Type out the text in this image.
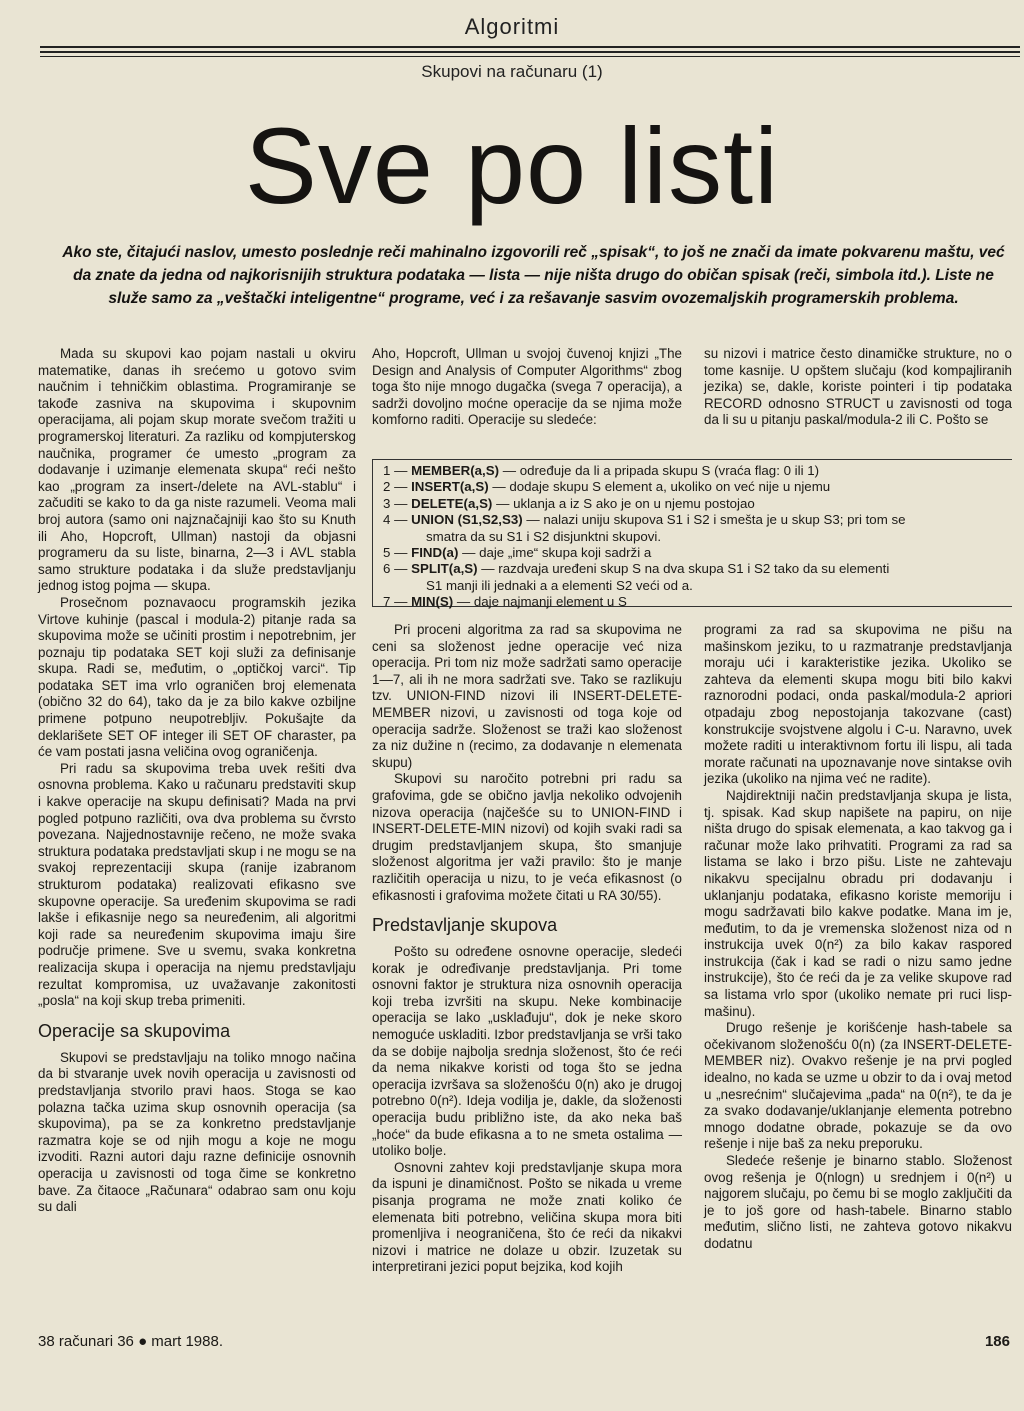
Algoritmi
Skupovi na računaru (1)
Sve po listi
Ako ste, čitajući naslov, umesto poslednje reči mahinalno izgovorili reč „spisak“, to još ne znači da imate pokvarenu maštu, već da znate da jedna od najkorisnijih struktura podataka — lista — nije ništa drugo do običan spisak (reči, simbola itd.). Liste ne služe samo za „veštački inteligentne“ programe, već i za rešavanje sasvim ovozemaljskih programerskih problema.

Mada su skupovi kao pojam nastali u okviru matematike, danas ih srećemo u gotovo svim naučnim i tehničkim oblastima. Programiranje se takođe zasniva na skupovima i skupovnim operacijama, ali pojam skup morate svečom tražiti u programerskoj literaturi. Za razliku od kompjuterskog naučnika, programer će umesto „program za dodavanje i uzimanje elemenata skupa“ reći nešto kao „program za insert-/delete na AVL-stablu“ i začuditi se kako to da ga niste razumeli. Veoma mali broj autora (samo oni najznačajniji kao što su Knuth ili Aho, Hopcroft, Ullman) nastoji da objasni programeru da su liste, binarna, 2—3 i AVL stabla samo strukture podataka i da služe predstavljanju jednog istog pojma — skupa.

Prosečnom poznavaocu programskih jezika Virtove kuhinje (pascal i modula-2) pitanje rada sa skupovima može se učiniti prostim i nepotrebnim, jer poznaju tip podataka SET koji služi za definisanje skupa. Radi se, međutim, o „optičkoj varci“. Tip podataka SET ima vrlo ograničen broj elemenata (obično 32 do 64), tako da je za bilo kakve ozbiljne primene potpuno neupotrebljiv. Pokušajte da deklarišete SET OF integer ili SET OF charaster, pa će vam postati jasna veličina ovog ograničenja.

Pri radu sa skupovima treba uvek rešiti dva osnovna problema. Kako u računaru predstaviti skup i kakve operacije na skupu definisati? Mada na prvi pogled potpuno različiti, ova dva problema su čvrsto povezana. Najjednostavnije rečeno, ne može svaka struktura podataka predstavljati skup i ne mogu se na svakoj reprezentaciji skupa (ranije izabranom strukturom podataka) realizovati efikasno sve skupovne operacije. Sa uređenim skupovima se radi lakše i efikasnije nego sa neuređenim, ali algoritmi koji rade sa neuređenim skupovima imaju šire područje primene. Sve u svemu, svaka konkretna realizacija skupa i operacija na njemu predstavljaju rezultat kompromisa, uz uvažavanje zakonitosti „posla“ na koji skup treba primeniti.

Operacije sa skupovima

Skupovi se predstavljaju na toliko mnogo načina da bi stvaranje uvek novih operacija u zavisnosti od predstavljanja stvorilo pravi haos. Stoga se kao polazna tačka uzima skup osnovnih operacija (sa skupovima), pa se za konkretno predstavljanje razmatra koje se od njih mogu a koje ne mogu izvoditi. Razni autori daju razne definicije osnovnih operacija u zavisnosti od toga čime se konkretno bave. Za čitaoce „Računara“ odabrao sam onu koju su dali

Aho, Hopcroft, Ullman u svojoj čuvenoj knjizi „The Design and Analysis of Computer Algorithms“ zbog toga što nije mnogo dugačka (svega 7 operacija), a sadrži dovoljno moćne operacije da se njima može komforno raditi. Operacije su sledeće:

su nizovi i matrice često dinamičke strukture, no o tome kasnije. U opštem slučaju (kod kompajliranih jezika) se, dakle, koriste pointeri i tip podataka RECORD odnosno STRUCT u zavisnosti od toga da li su u pitanju paskal/modula-2 ili C. Pošto se

1 — MEMBER(a,S) — određuje da li a pripada skupu S (vraća flag: 0 ili 1)
2 — INSERT(a,S) — dodaje skupu S element a, ukoliko on već nije u njemu
3 — DELETE(a,S) — uklanja a iz S ako je on u njemu postojao
4 — UNION (S1,S2,S3) — nalazi uniju skupova S1 i S2 i smešta je u skup S3; pri tom se
smatra da su S1 i S2 disjunktni skupovi.
5 — FIND(a) — daje „ime“ skupa koji sadrži a
6 — SPLIT(a,S) — razdvaja uređeni skup S na dva skupa S1 i S2 tako da su elementi
S1 manji ili jednaki a a elementi S2 veći od a.
7 — MIN(S) — daje najmanji element u S

Pri proceni algoritma za rad sa skupovima ne ceni sa složenost jedne operacije već niza operacija. Pri tom niz može sadržati samo operacije 1—7, ali ih ne mora sadržati sve. Tako se razlikuju tzv. UNION-FIND nizovi ili INSERT-DELETE-MEMBER nizovi, u zavisnosti od toga koje od operacija sadrže. Složenost se traži kao složenost za niz dužine n (recimo, za dodavanje n elemenata skupu)

Skupovi su naročito potrebni pri radu sa grafovima, gde se obično javlja nekoliko odvojenih nizova operacija (najčešće su to UNION-FIND i INSERT-DELETE-MIN nizovi) od kojih svaki radi sa drugim predstavljanjem skupa, što smanjuje složenost algoritma jer važi pravilo: što je manje različitih operacija u nizu, to je veća efikasnost (o efikasnosti i grafovima možete čitati u RA 30/55).

Predstavljanje skupova

Pošto su određene osnovne operacije, sledeći korak je određivanje predstavljanja. Pri tome osnovni faktor je struktura niza osnovnih operacija koji treba izvršiti na skupu. Neke kombinacije operacija se lako „usklađuju“, dok je neke skoro nemoguće uskladiti. Izbor predstavljanja se vrši tako da se dobije najbolja srednja složenost, što će reći da nema nikakve koristi od toga što se jedna operacija izvršava sa složenošću 0(n) ako je drugoj potrebno 0(n²). Ideja vodilja je, dakle, da složenosti operacija budu približno iste, da ako neka baš „hoće“ da bude efikasna a to ne smeta ostalima — utoliko bolje.

Osnovni zahtev koji predstavljanje skupa mora da ispuni je dinamičnost. Pošto se nikada u vreme pisanja programa ne može znati koliko će elemenata biti potrebno, veličina skupa mora biti promenljiva i neograničena, što će reći da nikakvi nizovi i matrice ne dolaze u obzir. Izuzetak su interpretirani jezici poput bejzika, kod kojih

programi za rad sa skupovima ne pišu na mašinskom jeziku, to u razmatranje predstavljanja moraju ući i karakteristike jezika. Ukoliko se zahteva da elementi skupa mogu biti bilo kakvi raznorodni podaci, onda paskal/modula-2 apriori otpadaju zbog nepostojanja takozvane (cast) konstrukcije svojstvene algolu i C-u. Naravno, uvek možete raditi u interaktivnom fortu ili lispu, ali tada morate računati na upoznavanje nove sintakse ovih jezika (ukoliko na njima već ne radite).

Najdirektniji način predstavljanja skupa je lista, tj. spisak. Kad skup napišete na papiru, on nije ništa drugo do spisak elemenata, a kao takvog ga i računar može lako prihvatiti. Programi za rad sa listama se lako i brzo pišu. Liste ne zahtevaju nikakvu specijalnu obradu pri dodavanju i uklanjanju podataka, efikasno koriste memoriju i mogu sadržavati bilo kakve podatke. Mana im je, međutim, to da je vremenska složenost niza od n instrukcija uvek 0(n²) za bilo kakav raspored instrukcija (čak i kad se radi o nizu samo jedne instrukcije), što će reći da je za velike skupove rad sa listama vrlo spor (ukoliko nemate pri ruci lisp-mašinu).

Drugo rešenje je korišćenje hash-tabele sa očekivanom složenošću 0(n) (za INSERT-DELETE-MEMBER niz). Ovakvo rešenje je na prvi pogled idealno, no kada se uzme u obzir to da i ovaj metod u „nesrećnim“ slučajevima „pada“ na 0(n²), te da je za svako dodavanje/uklanjanje elementa potrebno mnogo dodatne obrade, pokazuje se da ovo rešenje i nije baš za neku preporuku.

Sledeće rešenje je binarno stablo. Složenost ovog rešenja je 0(nlogn) u srednjem i 0(n²) u najgorem slučaju, po čemu bi se moglo zaključiti da je to još gore od hash-tabele. Binarno stablo međutim, slično listi, ne zahteva gotovo nikakvu dodatnu

38 računari 36 ● mart 1988.	186
